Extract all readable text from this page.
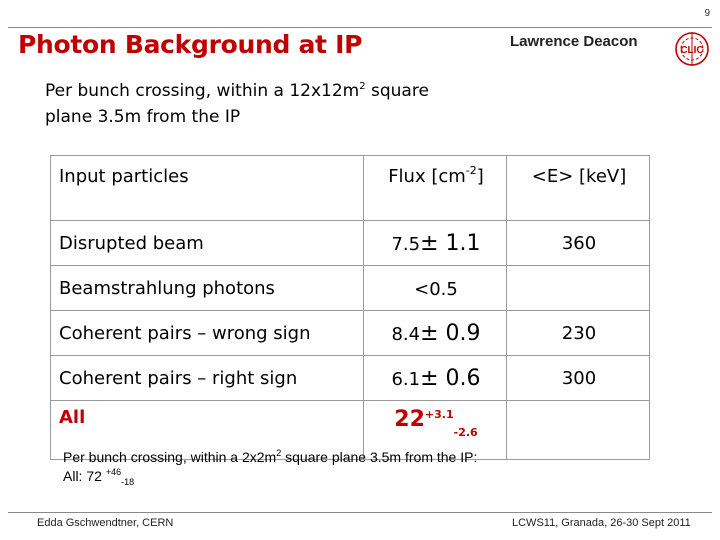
9
Photon Background at IP	Lawrence Deacon
CLIC
Per bunch crossing, within a $12x12m^2$ square
plane 3.5m from the IP
Input particles	Flux $[cm^{-2}]$	<E> [keV]
Disrupted beam	7.5± 1.1	360
Beamstrahlung photons	<0.5	
Coherent pairs – wrong sign	8.4± 0.9	230
Coherent pairs – right sign	6.1± 0.6	300
All	$22^{+3.1}_{-2.6}$	
Per bunch crossing, within a $2x2m^2$ square plane 3.5m from the IP:
All: 72 $^{+46}_{-18}$
Edda Gschwendtner, CERN	LCWS11, Granada, 26-30 Sept 2011
